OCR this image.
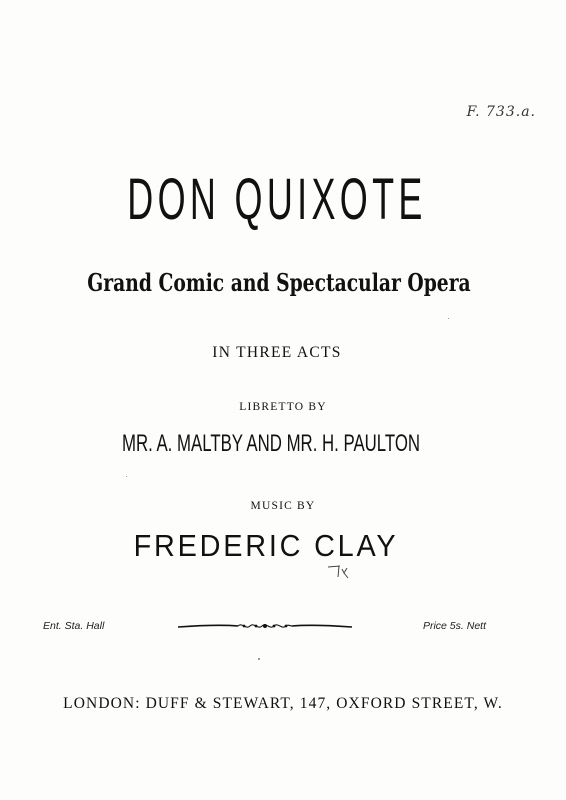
F. 733.a.
DON QUIXOTE
Grand Comic and Spectacular Opera
IN THREE ACTS
LIBRETTO BY
MR. A. MALTBY AND MR. H. PAULTON
MUSIC BY
FREDERIC CLAY
Ent. Sta. Hall	Price 5s. Nett
LONDON: DUFF & STEWART, 147, OXFORD STREET, W.
